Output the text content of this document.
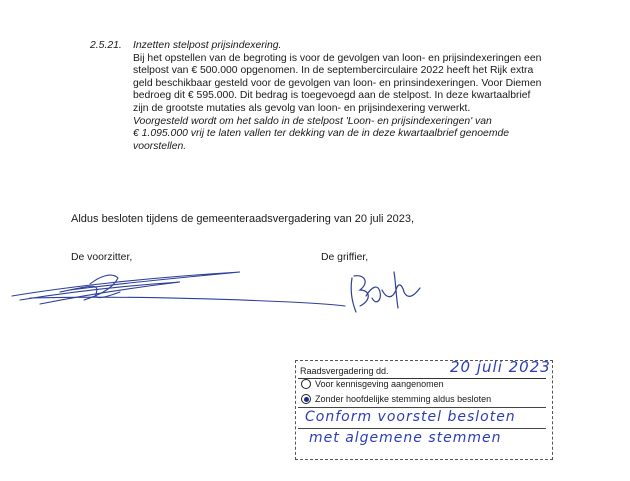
2.5.21. Inzetten stelpost prijsindexering.

Bij het opstellen van de begroting is voor de gevolgen van loon- en prijsindexeringen een

stelpost van € 500.000 opgenomen. In de septembercirculaire 2022 heeft het Rijk extra

geld beschikbaar gesteld voor de gevolgen van loon- en prinsindexeringen. Voor Diemen

bedroeg dit € 595.000. Dit bedrag is toegevoegd aan de stelpost. In deze kwartaalbrief

zijn de grootste mutaties als gevolg van loon- en prijsindexering verwerkt.

Voorgesteld wordt om het saldo in de stelpost 'Loon- en prijsindexeringen' van

€ 1.095.000 vrij te laten vallen ter dekking van de in deze kwartaalbrief genoemde

voorstellen.

Aldus besloten tijdens de gemeenteraadsvergadering van 20 juli 2023,
De voorzitter,	De griffier,
Raadsvergadering dd.	20 juli 2023
Voor kennisgeving aangenomen
Zonder hoofdelijke stemming aldus besloten
Conform voorstel besloten
met algemene stemmen
